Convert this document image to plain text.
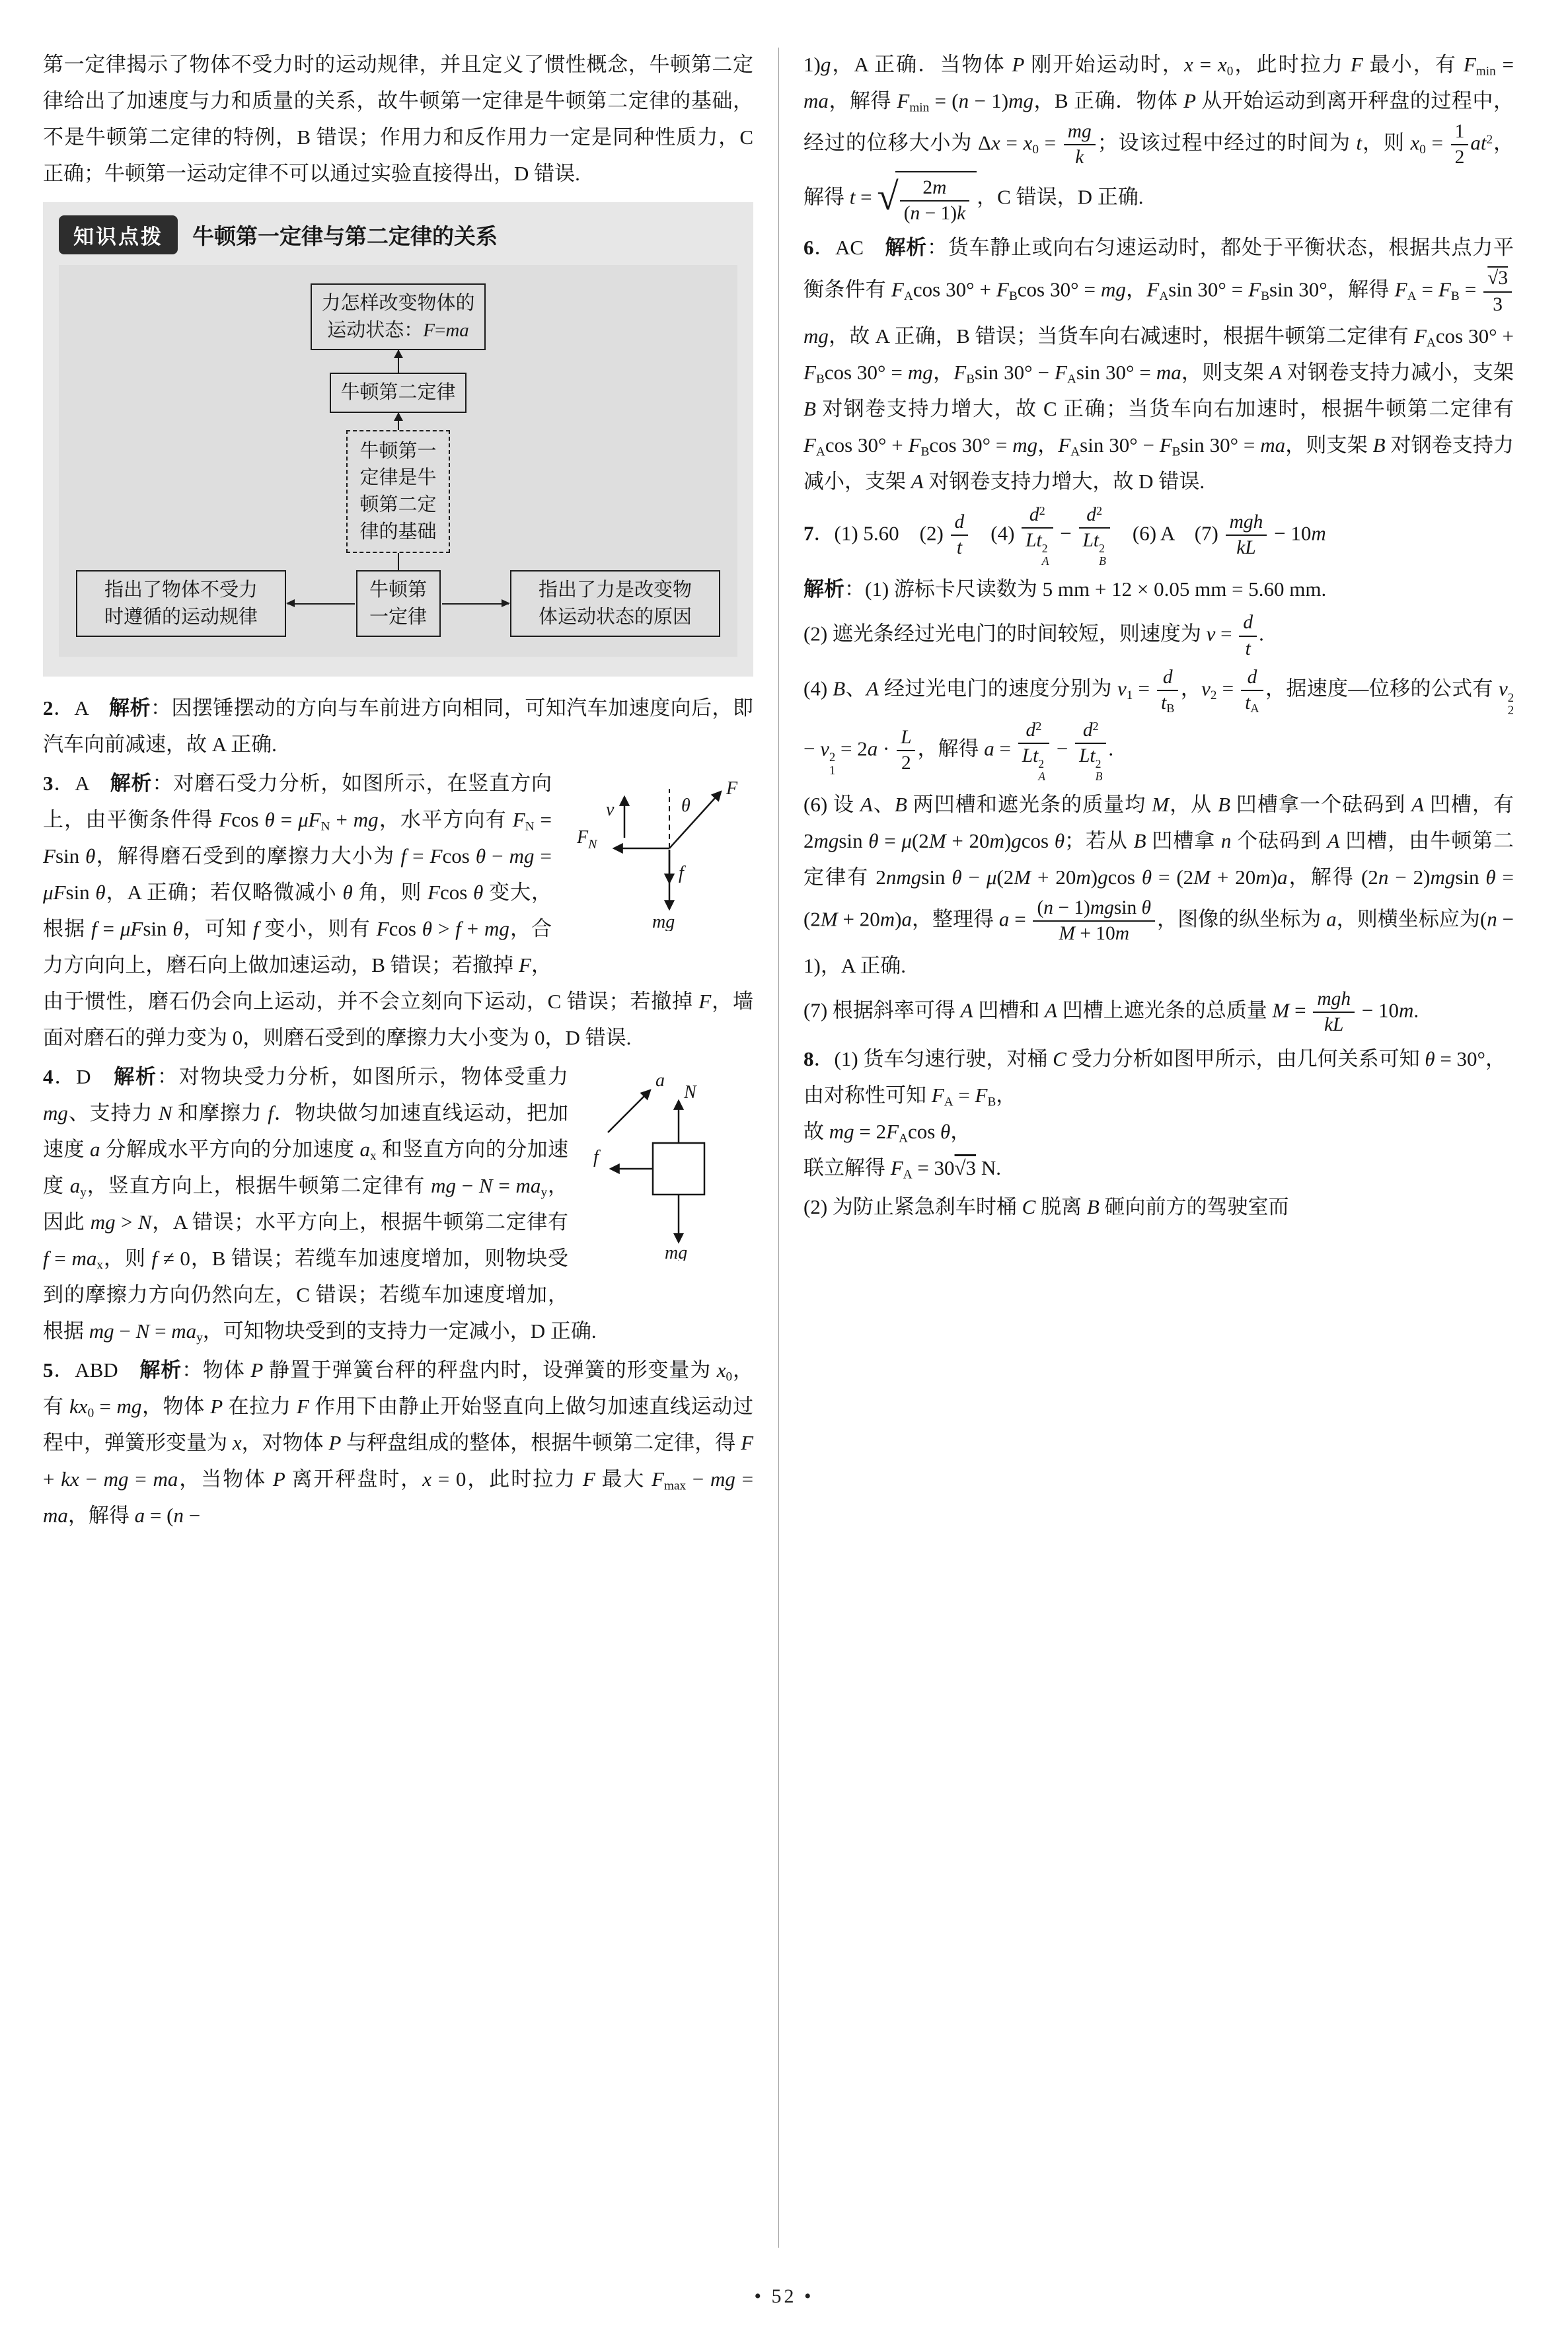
第一定律揭示了物体不受力时的运动规律，并且定义了惯性概念，牛顿第二定律给出了加速度与力和质量的关系，故牛顿第一定律是牛顿第二定律的基础，不是牛顿第二定律的特例，B 错误；作用力和反作用力一定是同种性质力，C 正确；牛顿第一运动定律不可以通过实验直接得出，D 错误.

知识点拨	牛顿第一定律与第二定律的关系
力怎样改变物体的
运动状态：F=ma
牛顿第二定律
牛顿第一
定律是牛
顿第二定
律的基础
指出了物体不受力
时遵循的运动规律
牛顿第
一定律
指出了力是改变物
体运动状态的原因

2．A　解析：因摆锤摆动的方向与车前进方向相同，可知汽车加速度向后，即汽车向前减速，故 A 正确.

v	θ
F
$F_N$
f
mg
3．A　解析：对磨石受力分析，如图所示，在竖直方向上，由平衡条件得 Fcos $\theta = \mu F_N$ + mg，水平方向有 $F_N = Fsin$ θ，解得磨石受到的摩擦力大小为 f = Fcos θ − mg = μFsin θ，A 正确；若仅略微减小 θ 角，则 Fcos θ 变大，根据 f = μFsin θ，可知 f 变小，则有 Fcos θ > f + mg，合力方向向上，磨石向上做加速运动，B 错误；若撤掉 F，由于惯性，磨石仍会向上运动，并不会立刻向下运动，C 错误；若撤掉 F，墙面对磨石的弹力变为 0，则磨石受到的摩擦力大小变为 0，D 错误.
a
N
f
mg
4．D　解析：对物块受力分析，如图所示，物体受重力 mg、支持力 N 和摩擦力 f．物块做匀加速直线运动，把加速度 a 分解成水平方向的分加速度 $a_x$ 和竖直方向的分加速度 $a_y$，竖直方向上，根据牛顿第二定律有 mg − $N = ma_y$，因此 mg > N，A 错误；水平方向上，根据牛顿第二定律有 $f = ma_x$，则 f ≠ 0，B 错误；若缆车加速度增加，则物块受到的摩擦力方向仍然向左，C 错误；若缆车加速度增加，根据 mg − $N = ma_y$，可知物块受到的支持力一定减小，D 正确.

5．ABD　解析：物体 P 静置于弹簧台秤的秤盘内时，设弹簧的形变量为 $x_0$，有 $kx_0$ = mg，物体 P 在拉力 F 作用下由静止开始竖直向上做匀加速直线运动过程中，弹簧形变量为 x，对物体 P 与秤盘组成的整体，根据牛顿第二定律，得 F + kx − mg = ma，当物体 P 离开秤盘时，x = 0，此时拉力 F 最大 $F_{max}$ − mg = ma，解得 a = (n −

1)g，A 正确．当物体 P 刚开始运动时，$x = x_0$，此时拉力 F 最小，有 $F_{min}$ = ma，解得 $F_{min} = (n - 1)mg$，B 正确．物体 P 从开始运动到离开秤盘的过程中，经过的位移大小为 $\Delta x = x_0 = \frac{mg}{k}$ ；设该过程中经过的时间为 t，则 $x_0 = \frac{1}{2} at^2$，解得 t = √ $\frac{2m}{(n - 1)k}$ ，C 错误，D 正确.

6．AC　解析：货车静止或向右匀速运动时，都处于平衡状态，根据共点力平衡条件有 $F_A\cos$ $30^\circ + F_B\cos$ 30° = mg，$F_A\sin$ $30^\circ = F_B\sin$ 30°，解得 $F_A = F_B = \frac{√3}{3}$
mg，故 A 正确，B 错误；当货车向右减速时，根据牛顿第二定律有 $F_A\cos$ $30^\circ + F_B\cos$ 30° = mg，$F_B\sin$ $30^\circ - F_A\sin$ 30° = ma，则支架 A 对钢卷支持力减小，支架 B 对钢卷支持力增大，故 C 正确；当货车向右加速时，根据牛顿第二定律有 $F_A\cos$ $30^\circ + F_B\cos$ 30° = mg，$F_A\sin$ $30^\circ - F_B\sin$ 30° = ma，则支架 B 对钢卷支持力减小，支架 A 对钢卷支持力增大，故 D 错误.

7．(1) 5.60　$(2) \frac{d}{t}$ 　(4) $d^2$
Lt 2
$A - d^2$
Lt 2
B 　(6) A　(7) mgh
kL
− 10m

解析：(1) 游标卡尺读数为 5 mm + 12 × 0.05 mm = 5.60 mm.

(2) 遮光条经过光电门的时间较短，则速度为 $v = \frac{d}{t}$ .

(4) B、A 经过光电门的速度分别为 $v_1 = \frac{d}{t_B}$ ，$v_2 = \frac{d}{t_A}$ ，据速度—位移的公式有 v 2
2
− v 2
1
= $2a \cdot \frac{L}{2}$ ，解得 $a = d^2$
Lt 2
$A - d^2$
Lt 2
B .

(6) 设 A、B 两凹槽和遮光条的质量均 M，从 B 凹槽拿一个砝码到 A 凹槽，有 2mgsin θ = μ(2M + 20m)gcos θ；若从 B 凹槽拿 n 个砝码到 A 凹槽，由牛顿第二定律有 2nmgsin θ − μ(2M + 20m)gcos θ = (2M + 20m)a，解得 (2n − 2)mgsin θ = (2M + 20m)a，整理得 $a = \frac{\text{(n − 1)mgsin θ}}{M + 10m}$ ，图像的纵坐标为 a，则横坐标应为(n − 1)，A 正确.

(7) 根据斜率可得 A 凹槽和 A 凹槽上遮光条的总质量 M = mgh
kL
− 10m.

8．(1) 货车匀速行驶，对桶 C 受力分析如图甲所示，由几何关系可知 θ = 30°，
由对称性可知 $F_A = F_B$，
故 mg = $2F_A\cos$ θ，
联立解得 $F_A = 30√3$ N.

(2) 为防止紧急刹车时桶 C 脱离 B 砸向前方的驾驶室而

• 52 •
